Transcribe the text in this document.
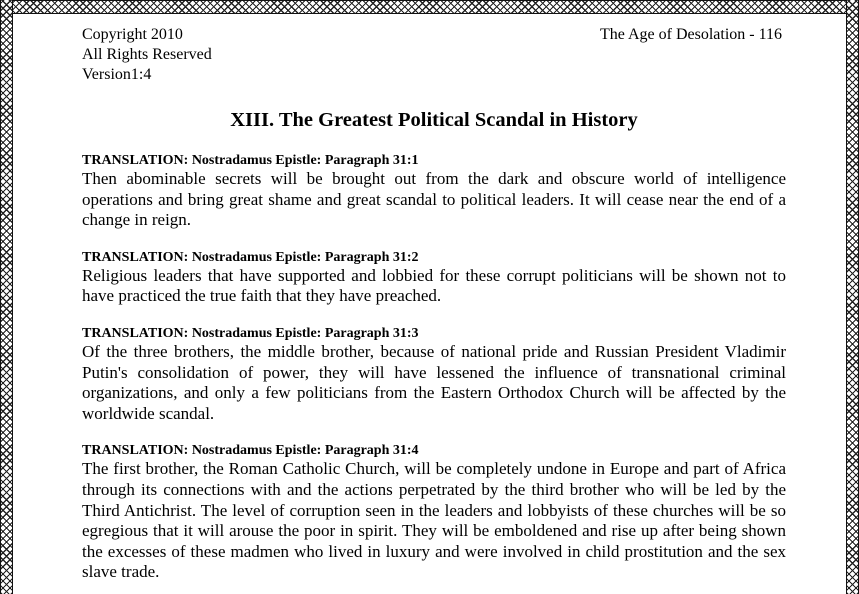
Copyright 2010
All Rights Reserved
Version1:4
The Age of Desolation - 116
XIII. The Greatest Political Scandal in History
TRANSLATION: Nostradamus Epistle: Paragraph 31:1

Then abominable secrets will be brought out from the dark and obscure world of intelligence operations and bring great shame and great scandal to political leaders. It will cease near the end of a change in reign.

TRANSLATION: Nostradamus Epistle: Paragraph 31:2

Religious leaders that have supported and lobbied for these corrupt politicians will be shown not to have practiced the true faith that they have preached.

TRANSLATION: Nostradamus Epistle: Paragraph 31:3

Of the three brothers, the middle brother, because of national pride and Russian President Vladimir Putin's consolidation of power, they will have lessened the influence of transnational criminal organizations, and only a few politicians from the Eastern Orthodox Church will be affected by the worldwide scandal.

TRANSLATION: Nostradamus Epistle: Paragraph 31:4

The first brother, the Roman Catholic Church, will be completely undone in Europe and part of Africa through its connections with and the actions perpetrated by the third brother who will be led by the Third Antichrist. The level of corruption seen in the leaders and lobbyists of these churches will be so egregious that it will arouse the poor in spirit. They will be emboldened and rise up after being shown the excesses of these madmen who lived in luxury and were involved in child prostitution and the sex slave trade.
